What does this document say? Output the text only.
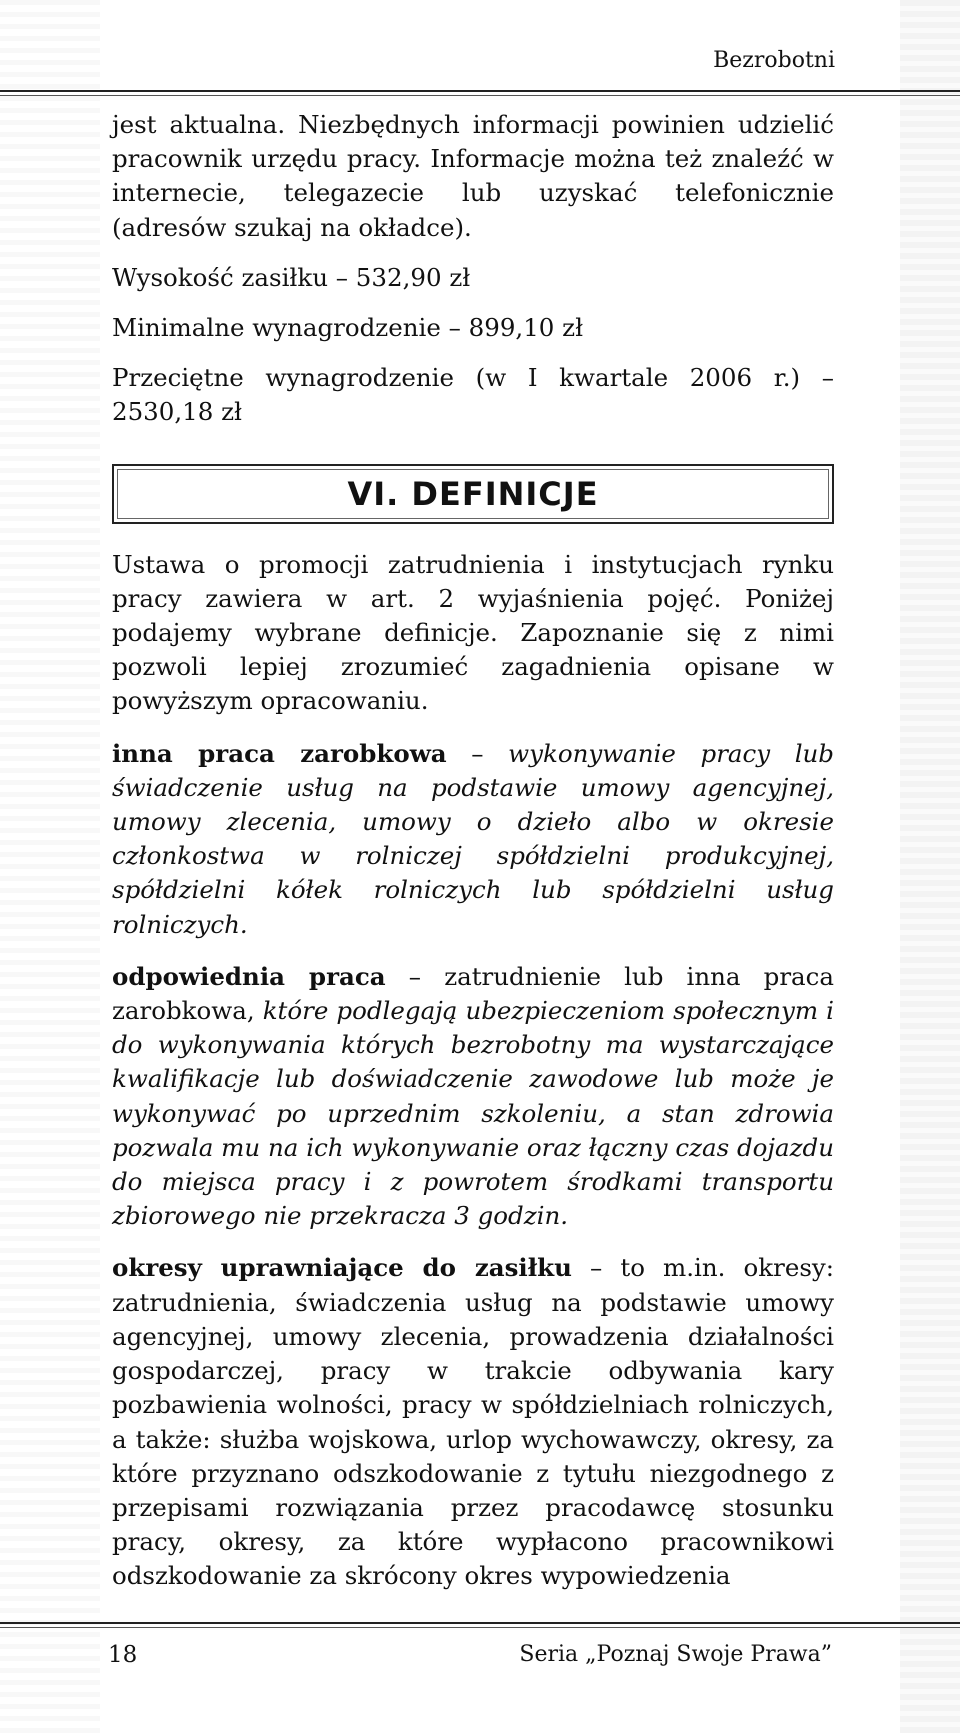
Bezrobotni

jest aktualna. Niezbędnych informacji powinien udzielić pracownik urzędu pracy. Informacje można też znaleźć w internecie, telegazecie lub uzyskać telefonicznie (adresów szukaj na okładce).

Wysokość zasiłku – 532,90 zł

Minimalne wynagrodzenie – 899,10 zł

Przeciętne wynagrodzenie (w I kwartale 2006 r.) – 2530,18 zł

VI. DEFINICJE

Ustawa o promocji zatrudnienia i instytucjach rynku pracy zawiera w art. 2 wyjaśnienia pojęć. Poniżej podajemy wybrane definicje. Zapoznanie się z nimi pozwoli lepiej zrozumieć zagadnienia opisane w powyższym opracowaniu.

inna praca zarobkowa – wykonywanie pracy lub świadczenie usług na podstawie umowy agencyjnej, umowy zlecenia, umowy o dzieło albo w okresie członkostwa w rolniczej spółdzielni produkcyjnej, spółdzielni kółek rolniczych lub spółdzielni usług rolniczych.

odpowiednia praca – zatrudnienie lub inna praca zarobkowa, które podlegają ubezpieczeniom społecznym i do wykonywania których bezrobotny ma wystarczające kwalifikacje lub doświadczenie zawodowe lub może je wykonywać po uprzednim szkoleniu, a stan zdrowia pozwala mu na ich wykonywanie oraz łączny czas dojazdu do miejsca pracy i z powrotem środkami transportu zbiorowego nie przekracza 3 godzin.

okresy uprawniające do zasiłku – to m.in. okresy: zatrudnienia, świadczenia usług na podstawie umowy agencyjnej, umowy zlecenia, prowadzenia działalności gospodarczej, pracy w trakcie odbywania kary pozbawienia wolności, pracy w spółdzielniach rolniczych, a także: służba wojskowa, urlop wychowawczy, okresy, za które przyznano odszkodowanie z tytułu niezgodnego z przepisami rozwiązania przez pracodawcę stosunku pracy, okresy, za które wypłacono pracownikowi odszkodowanie za skrócony okres wypowiedzenia

18	Seria „Poznaj Swoje Prawa”
